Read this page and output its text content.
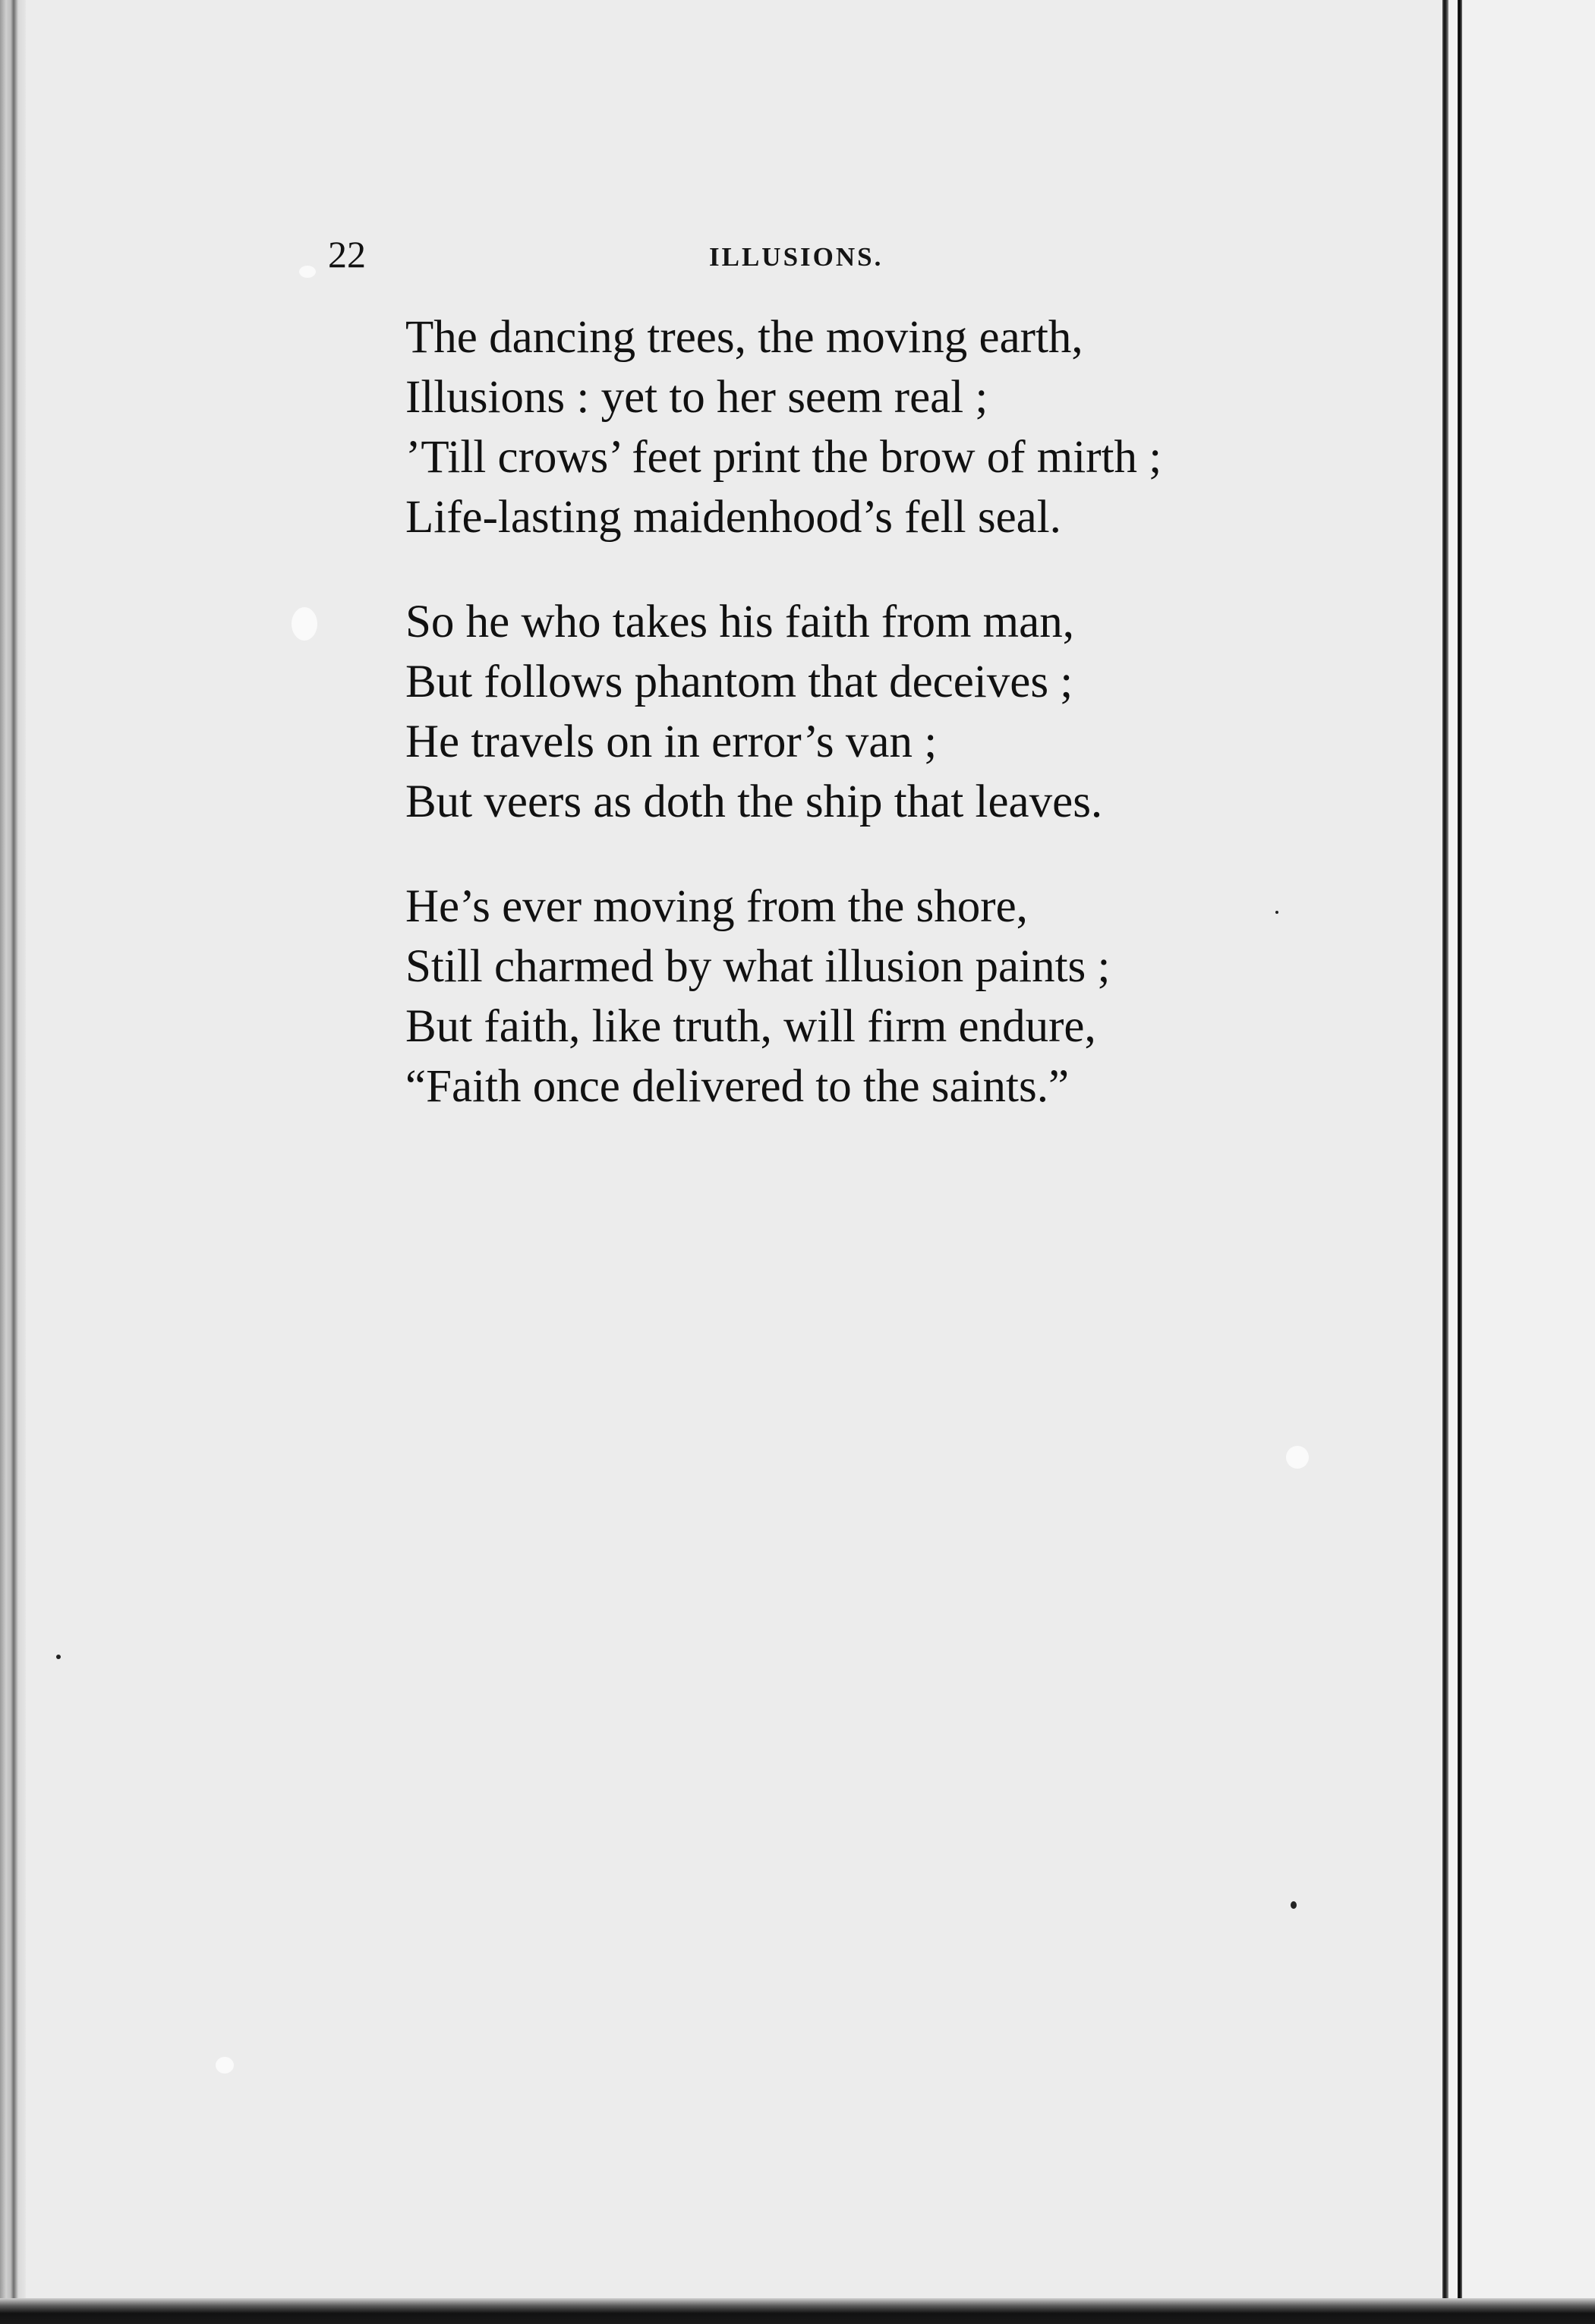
22	ILLUSIONS.
The dancing trees, the moving earth,
Illusions : yet to her seem real ;
’Till crows’ feet print the brow of mirth ;
Life-lasting maidenhood’s fell seal.
So he who takes his faith from man,
But follows phantom that deceives ;
He travels on in error’s van ;
But veers as doth the ship that leaves.
He’s ever moving from the shore,
Still charmed by what illusion paints ;
But faith, like truth, will firm endure,
“Faith once delivered to the saints.”
